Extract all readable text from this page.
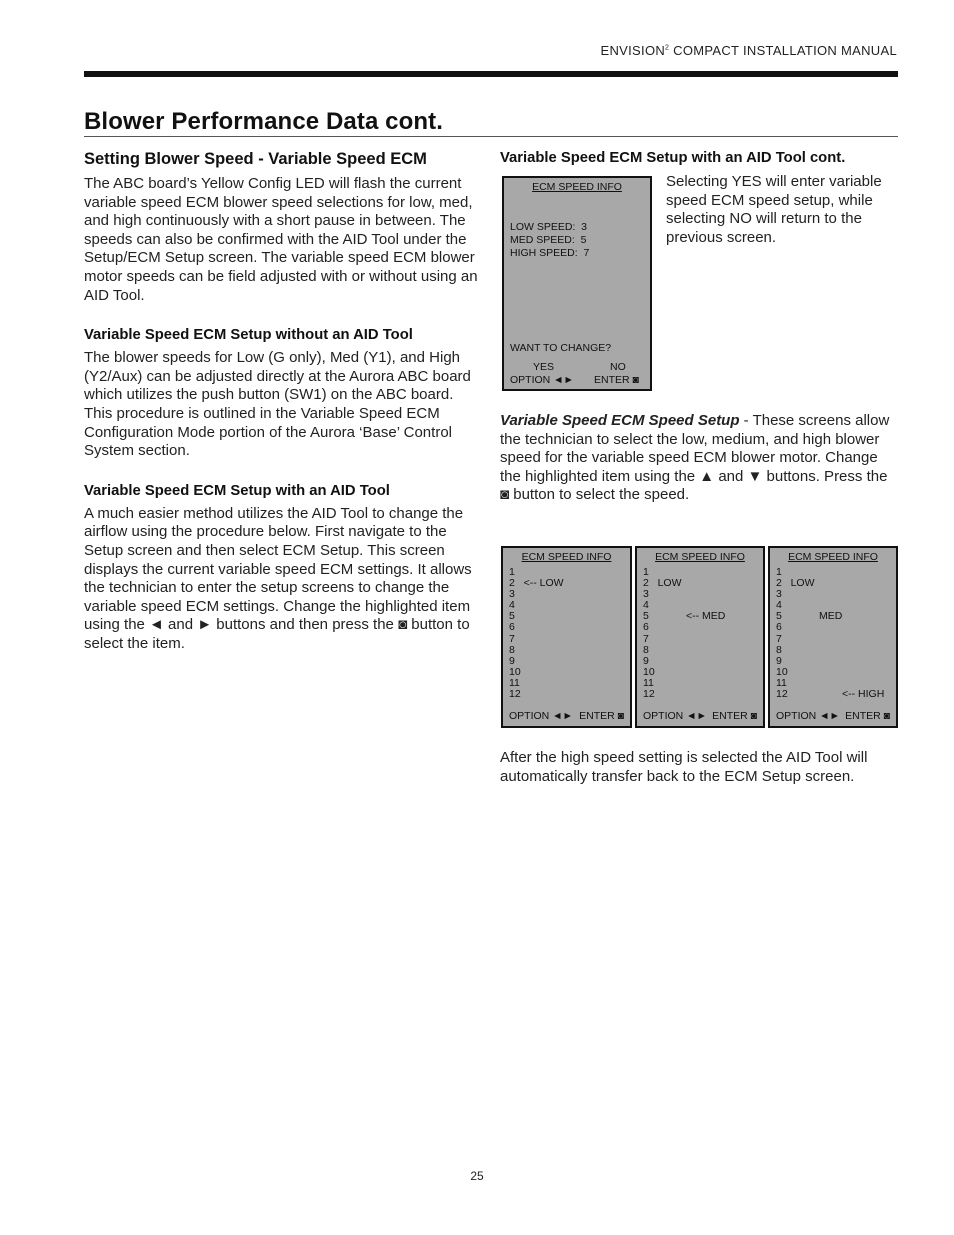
ENVISION$^2$ COMPACT INSTALLATION MANUAL
Blower Performance Data cont.
Setting Blower Speed - Variable Speed ECM

The ABC board’s Yellow Config LED will flash the current variable speed ECM blower speed selections for low, med, and high continuously with a short pause in between. The speeds can also be confirmed with the AID Tool under the Setup/ECM Setup screen. The variable speed ECM blower motor speeds can be field adjusted with or without using an AID Tool.

Variable Speed ECM Setup without an AID Tool

The blower speeds for Low (G only), Med (Y1), and High (Y2/Aux) can be adjusted directly at the Aurora ABC board which utilizes the push button (SW1) on the ABC board. This procedure is outlined in the Variable Speed ECM Configuration Mode portion of the Aurora ‘Base’ Control System section.

Variable Speed ECM Setup with an AID Tool

A much easier method utilizes the AID Tool to change the airflow using the procedure below. First navigate to the Setup screen and then select ECM Setup. This screen displays the current variable speed ECM settings. It allows the technician to enter the setup screens to change the variable speed ECM settings. Change the highlighted item using the ◄ and ► buttons and then press the ◙ button to select the item.

Variable Speed ECM Setup with an AID Tool cont.

Selecting YES will enter variable speed ECM speed setup, while selecting NO will return to the previous screen.

Variable Speed ECM Speed Setup - These screens allow the technician to select the low, medium, and high blower speed for the variable speed ECM blower motor. Change the highlighted item using the ▲ and ▼ buttons. Press the ◙ button to select the speed.

After the high speed setting is selected the AID Tool will automatically transfer back to the ECM Setup screen.

ECM SPEED INFO
LOW SPEED:  3
MED SPEED:  5
HIGH SPEED:  7
WANT TO CHANGE?
YES	NO
OPTION ◄► ENTER ◙
ECM SPEED INFO
1
2   <-- LOW
3
4
5
6
7
8
9
10
11
12
OPTION ◄► ENTER ◙
ECM SPEED INFO
1
2   LOW
3
4
5	<-- MED
6
7
8
9
10
11
12
OPTION ◄► ENTER ◙
ECM SPEED INFO
1
2   LOW
3
4
5	MED
6
7
8
9
10
11
12	<-- HIGH
OPTION ◄► ENTER ◙
25
